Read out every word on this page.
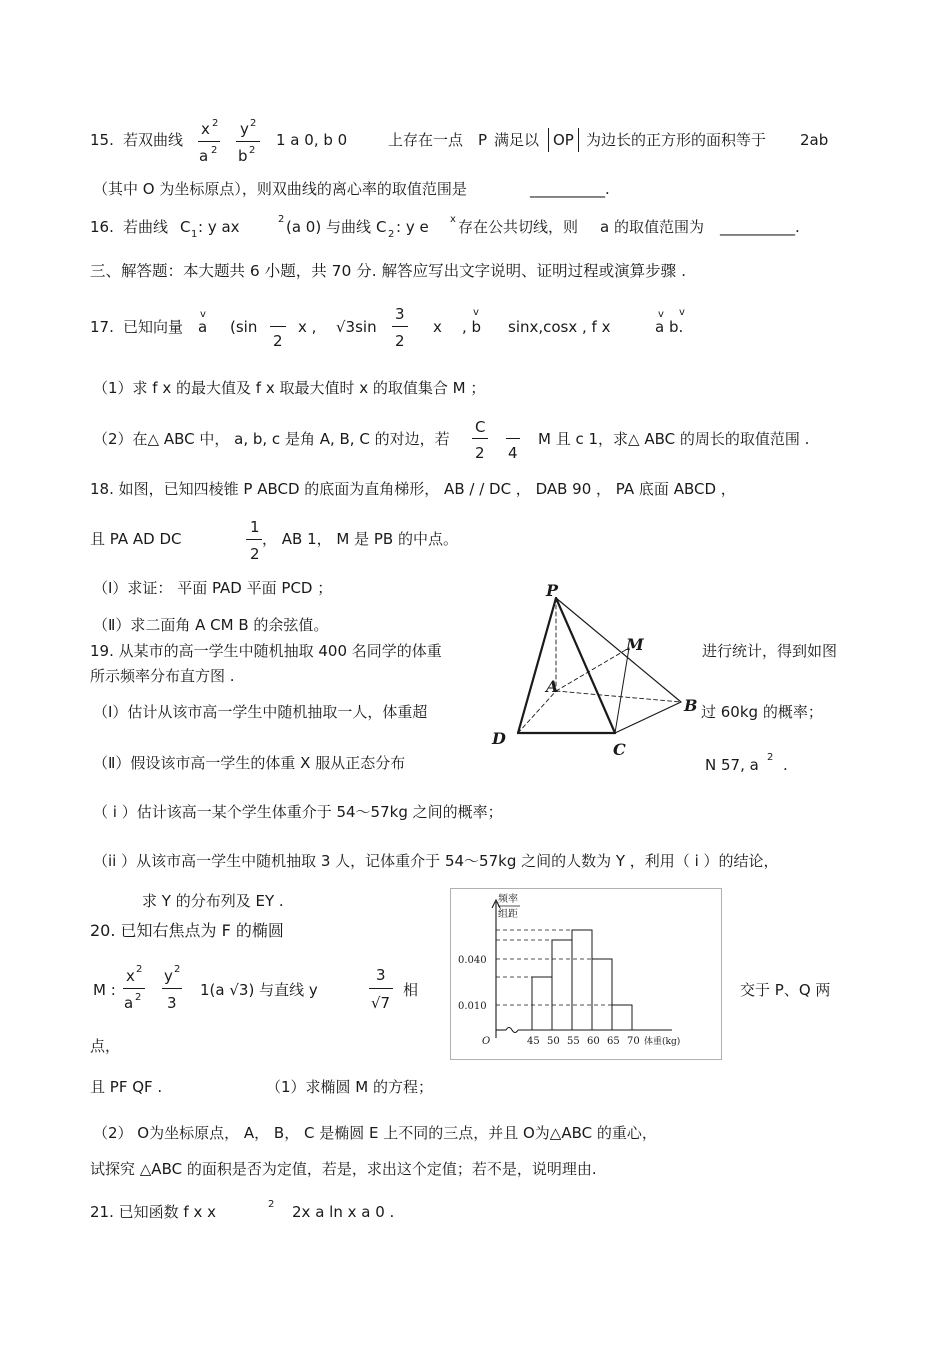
15. 若双曲线
x 2
a 2
y 2
b 2
1 a 0, b 0	上存在一点 P 满足以 OP 为边长的正方形的面积等于 2ab
（其中 O 为坐标原点），则双曲线的离心率的取值范围是	__________.
16. 若曲线 C 1 : y ax	2 (a 0) 与曲线 C 2 : y e x 存在公共切线，则 a 的取值范围为 __________.
三、解答题：本大题共 6 小题，共 70 分. 解答应写出文字说明、证明过程或演算步骤 .
17. 已知向量
v
a (sin
2
x , √3sin
3
2
x
v
, b sinx,cosx , f x
v v
a b.
（1）求 f x 的最大值及 f x 取最大值时 x 的取值集合 M ；
（2）在△ ABC 中， a, b, c 是角 A, B, C 的对边，若
C
2 4
M 且 c 1，求△ ABC 的周长的取值范围 .
18. 如图，已知四棱锥 P ABCD 的底面为直角梯形， AB / / DC ， DAB 90 ， PA 底面 ABCD ，
且 PA AD DC
1
2
， AB 1， M 是 PB 的中点。
（Ⅰ）求证： 平面 PAD 平面 PCD ；
（Ⅱ）求二面角 A CM B 的余弦值。
P
M
A
B
C
D
19. 从某市的高一学生中随机抽取 400 名同学的体重	进行统计，得到如图
所示频率分布直方图 .
（Ⅰ）估计从该市高一学生中随机抽取一人，体重超	过 60kg 的概率；
（Ⅱ）假设该市高一学生的体重 X 服从正态分布	N 57, a 2 .
（ i ）估计该高一某个学生体重介于 54～57kg 之间的概率；
（ii ）从该市高一学生中随机抽取 3 人，记体重介于 54～57kg 之间的人数为 Y ，利用（ i ）的结论，
求 Y 的分布列及 EY .	频率
组距
0.040
0.010
O	45 50 55 60 65 70 体重(kg)
20. 已知右焦点为 F 的椭圆
M :
x 2
a 2
y 2
3
1(a √3) 与直线 y
3
√7
相	交于 P、Q 两
点，
且 PF QF .	（1）求椭圆 M 的方程；
（2） O为坐标原点， A， B， C 是椭圆 E 上不同的三点，并且 O为△ABC 的重心，
试探究 △ABC 的面积是否为定值，若是，求出这个定值；若不是，说明理由.
21. 已知函数 f x x	2 2x a ln x a 0 .
